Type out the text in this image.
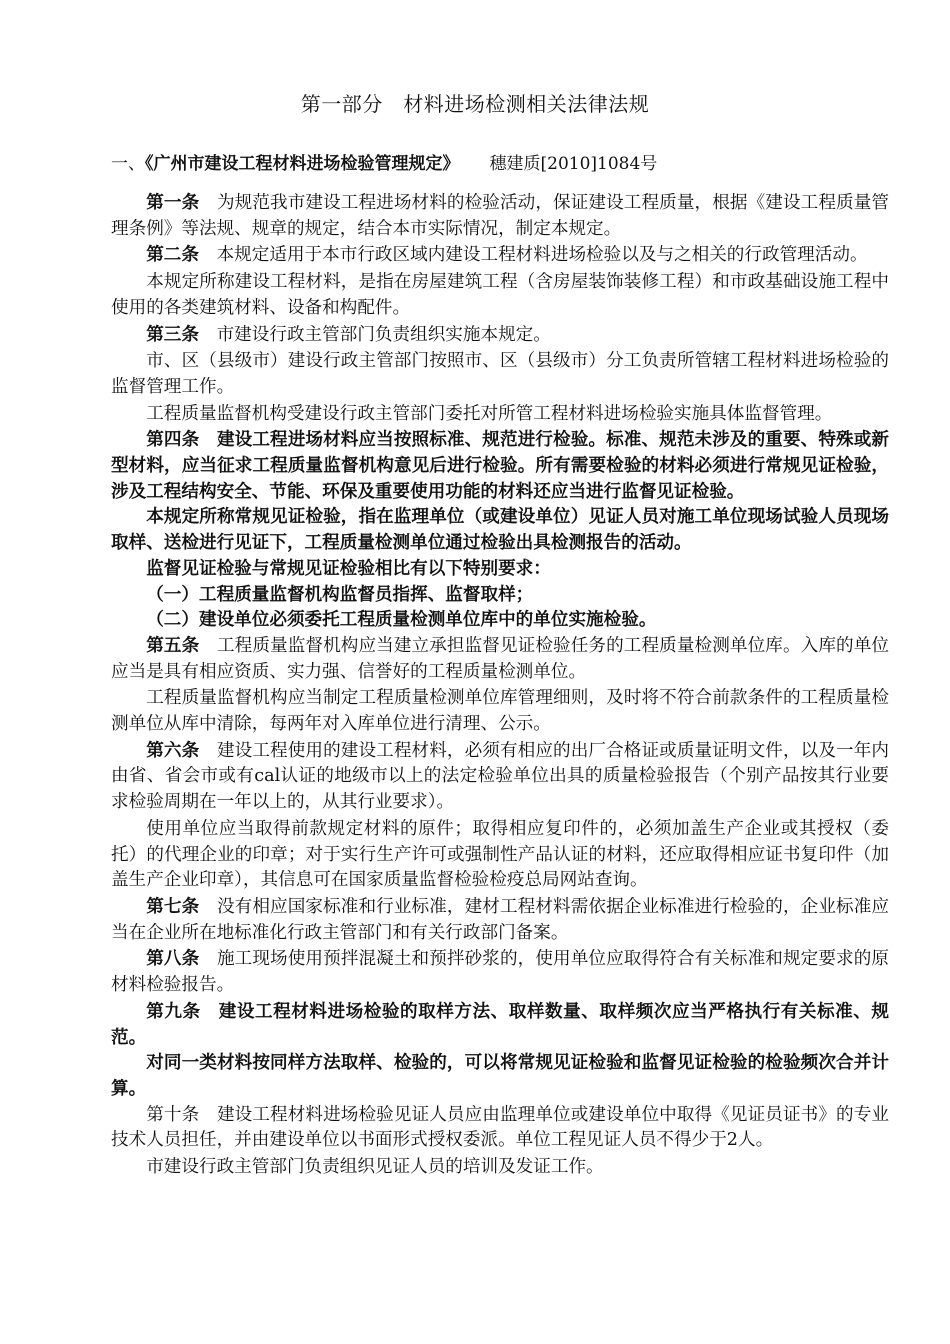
第一部分　材料进场检测相关法律法规
一、《广州市建设工程材料进场检验管理规定》 穗建质[2010]1084号

第一条　为规范我市建设工程进场材料的检验活动，保证建设工程质量，根据《建设工程质量管理条例》等法规、规章的规定，结合本市实际情况，制定本规定。

第二条　本规定适用于本市行政区域内建设工程材料进场检验以及与之相关的行政管理活动。

本规定所称建设工程材料，是指在房屋建筑工程（含房屋装饰装修工程）和市政基础设施工程中使用的各类建筑材料、设备和构配件。

第三条　市建设行政主管部门负责组织实施本规定。

市、区（县级市）建设行政主管部门按照市、区（县级市）分工负责所管辖工程材料进场检验的监督管理工作。

工程质量监督机构受建设行政主管部门委托对所管工程材料进场检验实施具体监督管理。

第四条　建设工程进场材料应当按照标准、规范进行检验。标准、规范未涉及的重要、特殊或新型材料，应当征求工程质量监督机构意见后进行检验。所有需要检验的材料必须进行常规见证检验，涉及工程结构安全、节能、环保及重要使用功能的材料还应当进行监督见证检验。

本规定所称常规见证检验，指在监理单位（或建设单位）见证人员对施工单位现场试验人员现场取样、送检进行见证下，工程质量检测单位通过检验出具检测报告的活动。

监督见证检验与常规见证检验相比有以下特别要求：

（一）工程质量监督机构监督员指挥、监督取样；

（二）建设单位必须委托工程质量检测单位库中的单位实施检验。

第五条　工程质量监督机构应当建立承担监督见证检验任务的工程质量检测单位库。入库的单位应当是具有相应资质、实力强、信誉好的工程质量检测单位。

工程质量监督机构应当制定工程质量检测单位库管理细则，及时将不符合前款条件的工程质量检测单位从库中清除，每两年对入库单位进行清理、公示。

第六条　建设工程使用的建设工程材料，必须有相应的出厂合格证或质量证明文件，以及一年内由省、省会市或有cal认证的地级市以上的法定检验单位出具的质量检验报告（个别产品按其行业要求检验周期在一年以上的，从其行业要求）。

使用单位应当取得前款规定材料的原件；取得相应复印件的，必须加盖生产企业或其授权（委托）的代理企业的印章；对于实行生产许可或强制性产品认证的材料，还应取得相应证书复印件（加盖生产企业印章），其信息可在国家质量监督检验检疫总局网站查询。

第七条　没有相应国家标准和行业标准，建材工程材料需依据企业标准进行检验的，企业标准应当在企业所在地标准化行政主管部门和有关行政部门备案。

第八条　施工现场使用预拌混凝土和预拌砂浆的，使用单位应取得符合有关标准和规定要求的原材料检验报告。

第九条　建设工程材料进场检验的取样方法、取样数量、取样频次应当严格执行有关标准、规范。

对同一类材料按同样方法取样、检验的，可以将常规见证检验和监督见证检验的检验频次合并计算。

第十条　建设工程材料进场检验见证人员应由监理单位或建设单位中取得《见证员证书》的专业技术人员担任，并由建设单位以书面形式授权委派。单位工程见证人员不得少于2人。

市建设行政主管部门负责组织见证人员的培训及发证工作。
